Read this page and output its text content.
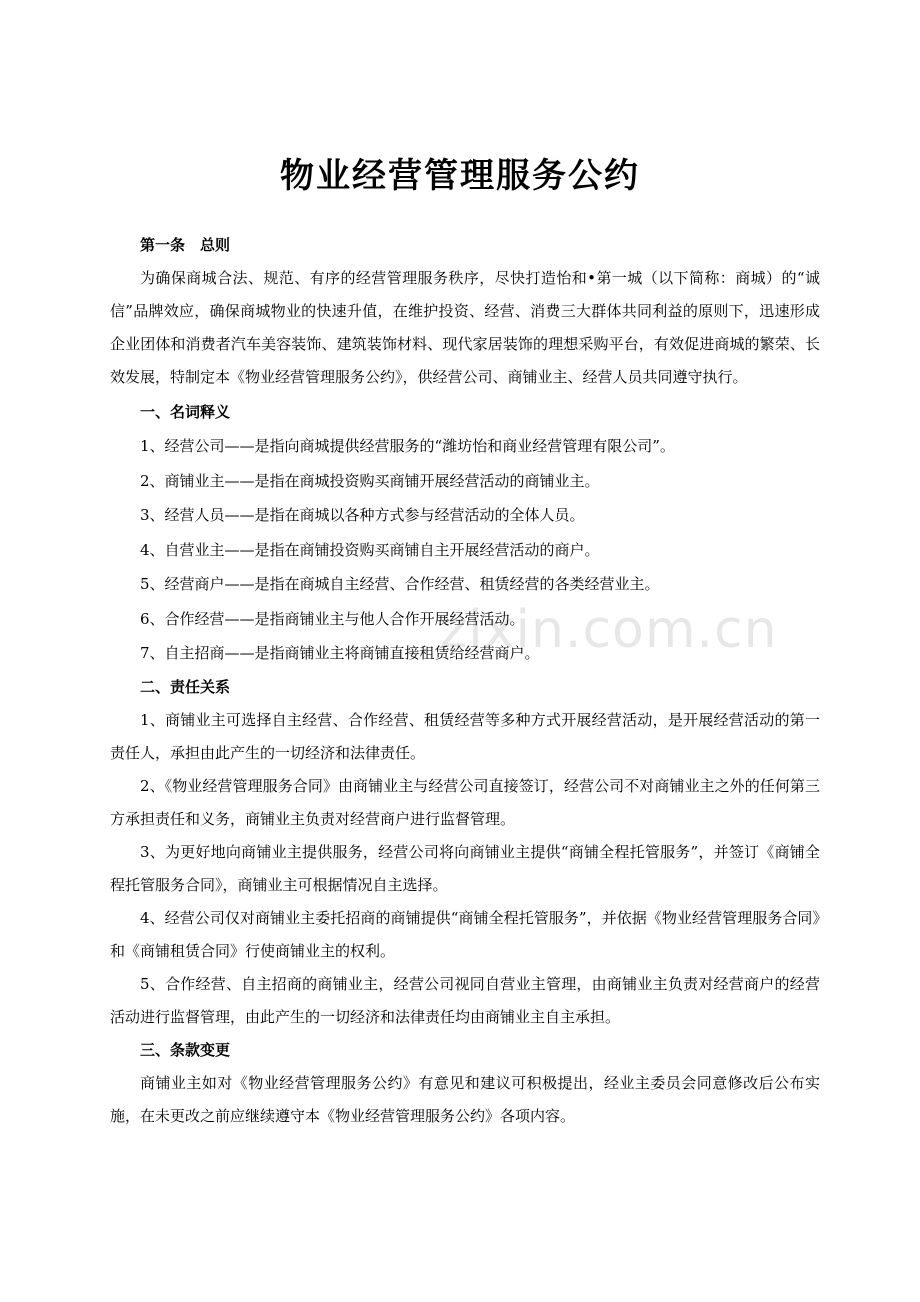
物业经营管理服务公约

第一条　总则

为确保商城合法、规范、有序的经营管理服务秩序，尽快打造怡和•第一城（以下简称：商城）的“诚信”品牌效应，确保商城物业的快速升值，在维护投资、经营、消费三大群体共同利益的原则下，迅速形成企业团体和消费者汽车美容装饰、建筑装饰材料、现代家居装饰的理想采购平台，有效促进商城的繁荣、长效发展，特制定本《物业经营管理服务公约》，供经营公司、商铺业主、经营人员共同遵守执行。

一、名词释义

1、经营公司——是指向商城提供经营服务的“潍坊怡和商业经营管理有限公司”。

2、商铺业主——是指在商城投资购买商铺开展经营活动的商铺业主。

3、经营人员——是指在商城以各种方式参与经营活动的全体人员。

4、自营业主——是指在商铺投资购买商铺自主开展经营活动的商户。

5、经营商户——是指在商城自主经营、合作经营、租赁经营的各类经营业主。

6、合作经营——是指商铺业主与他人合作开展经营活动。

7、自主招商——是指商铺业主将商铺直接租赁给经营商户。

二、责任关系

1、商铺业主可选择自主经营、合作经营、租赁经营等多种方式开展经营活动，是开展经营活动的第一责任人，承担由此产生的一切经济和法律责任。

2、《物业经营管理服务合同》由商铺业主与经营公司直接签订，经营公司不对商铺业主之外的任何第三方承担责任和义务，商铺业主负责对经营商户进行监督管理。

3、为更好地向商铺业主提供服务，经营公司将向商铺业主提供“商铺全程托管服务”，并签订《商铺全程托管服务合同》，商铺业主可根据情况自主选择。

4、经营公司仅对商铺业主委托招商的商铺提供“商铺全程托管服务”，并依据《物业经营管理服务合同》和《商铺租赁合同》行使商铺业主的权利。

5、合作经营、自主招商的商铺业主，经营公司视同自营业主管理，由商铺业主负责对经营商户的经营活动进行监督管理，由此产生的一切经济和法律责任均由商铺业主自主承担。

三、条款变更

商铺业主如对《物业经营管理服务公约》有意见和建议可积极提出，经业主委员会同意修改后公布实施，在未更改之前应继续遵守本《物业经营管理服务公约》各项内容。

zixin.com.cn
